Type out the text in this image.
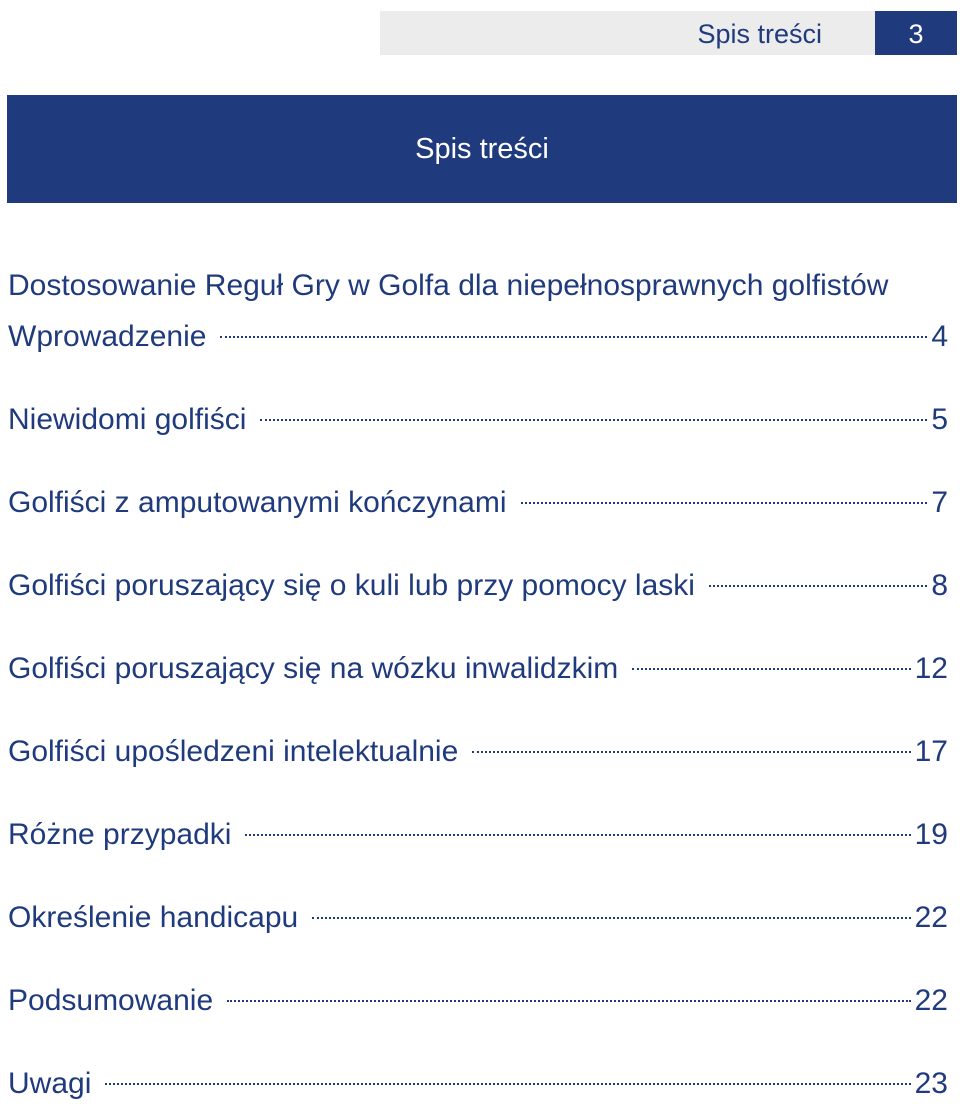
Spis treści	3
Spis treści
Dostosowanie Reguł Gry w Golfa dla niepełnosprawnych golfistów
Wprowadzenie	4
Niewidomi golfiści	5
Golfiści z amputowanymi kończynami	7
Golfiści poruszający się o kuli lub przy pomocy laski	8
Golfiści poruszający się na wózku inwalidzkim	12
Golfiści upośledzeni intelektualnie	17
Różne przypadki	19
Określenie handicapu	22
Podsumowanie	22
Uwagi	23
